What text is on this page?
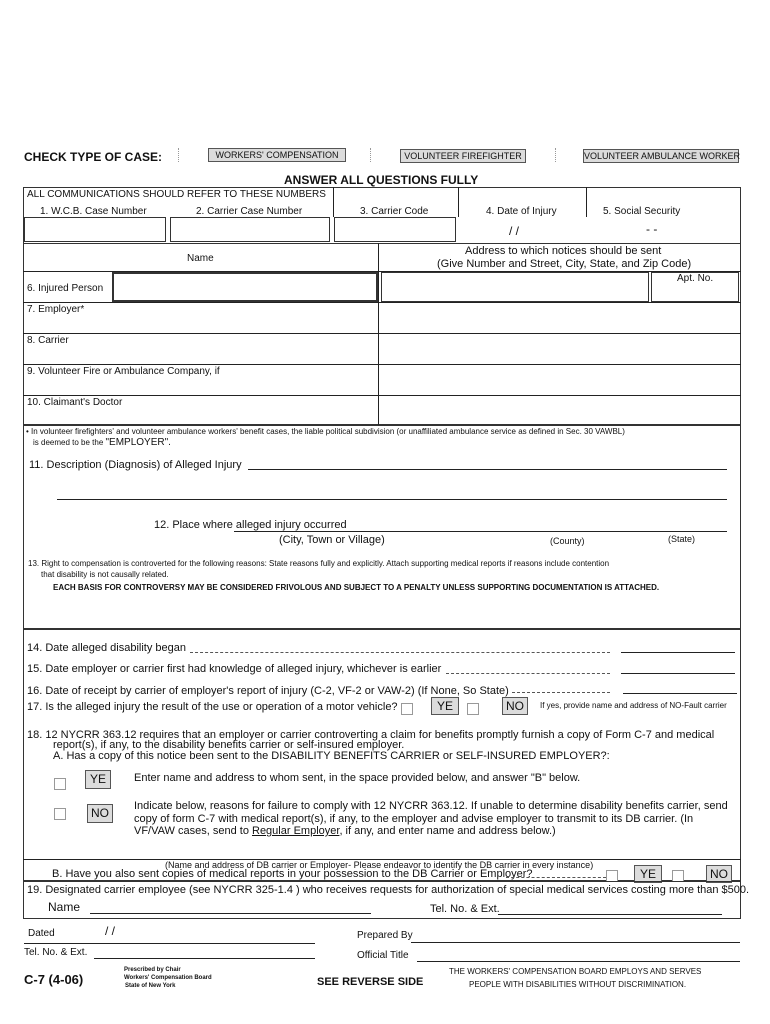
CHECK TYPE OF CASE:	WORKERS' COMPENSATION	VOLUNTEER FIREFIGHTER	VOLUNTEER AMBULANCE WORKER
ANSWER ALL QUESTIONS FULLY
ALL COMMUNICATIONS SHOULD REFER TO THESE NUMBERS
1. W.C.B. Case Number	2. Carrier Case Number	3. Carrier Code	4. Date of Injury	5. Social Security
/ /	- -
Name
Address to which notices should be sent
(Give Number and Street, City, State, and Zip Code)
6. Injured Person
Apt. No.
7. Employer*
8. Carrier
9. Volunteer Fire or Ambulance Company, if
10. Claimant's Doctor
• In volunteer firefighters' and volunteer ambulance workers' benefit cases, the liable political subdivision (or unaffiliated ambulance service as defined in Sec. 30 VAWBL)
is deemed to be the "EMPLOYER".
11. Description (Diagnosis) of Alleged Injury
12. Place where alleged injury occurred
(City, Town or Village)	(County)	(State)
13. Right to compensation is controverted for the following reasons: State reasons fully and explicitly. Attach supporting medical reports if reasons include contention
that disability is not causally related.
EACH BASIS FOR CONTROVERSY MAY BE CONSIDERED FRIVOLOUS AND SUBJECT TO A PENALTY UNLESS SUPPORTING DOCUMENTATION IS ATTACHED.
14. Date alleged disability began
15. Date employer or carrier first had knowledge of alleged injury, whichever is earlier
16. Date of receipt by carrier of employer's report of injury (C-2, VF-2 or VAW-2) (If None, So State)
17. Is the alleged injury the result of the use or operation of a motor vehicle?	YE	NO	If yes, provide name and address of NO-Fault carrier
18. 12 NYCRR 363.12 requires that an employer or carrier controverting a claim for benefits promptly furnish a copy of Form C-7 and medical
report(s), if any, to the disability benefits carrier or self-insured employer.
A. Has a copy of this notice been sent to the DISABILITY BENEFITS CARRIER or SELF-INSURED EMPLOYER?:
YE	Enter name and address to whom sent, in the space provided below, and answer "B" below.
NO	Indicate below, reasons for failure to comply with 12 NYCRR 363.12. If unable to determine disability benefits carrier, send
copy of form C-7 with medical report(s), if any, to the employer and advise employer to transmit to its DB carrier. (In
VF/VAW cases, send to Regular Employer, if any, and enter name and address below.)
(Name and address of DB carrier or Employer- Please endeavor to identify the DB carrier in every instance)
B. Have you also sent copies of medical reports in your possession to the DB Carrier or Employer?	YE	NO
19. Designated carrier employee (see NYCRR 325-1.4 ) who receives requests for authorization of special medical services costing more than $500.
Name	Tel. No. & Ext.
Dated	/ /	Prepared By
Tel. No. & Ext.	Official Title
C-7 (4-06)
Prescribed by Chair
Workers' Compensation Board
State of New York	SEE REVERSE SIDE
THE WORKERS' COMPENSATION BOARD EMPLOYS AND SERVES
PEOPLE WITH DISABILITIES WITHOUT DISCRIMINATION.
